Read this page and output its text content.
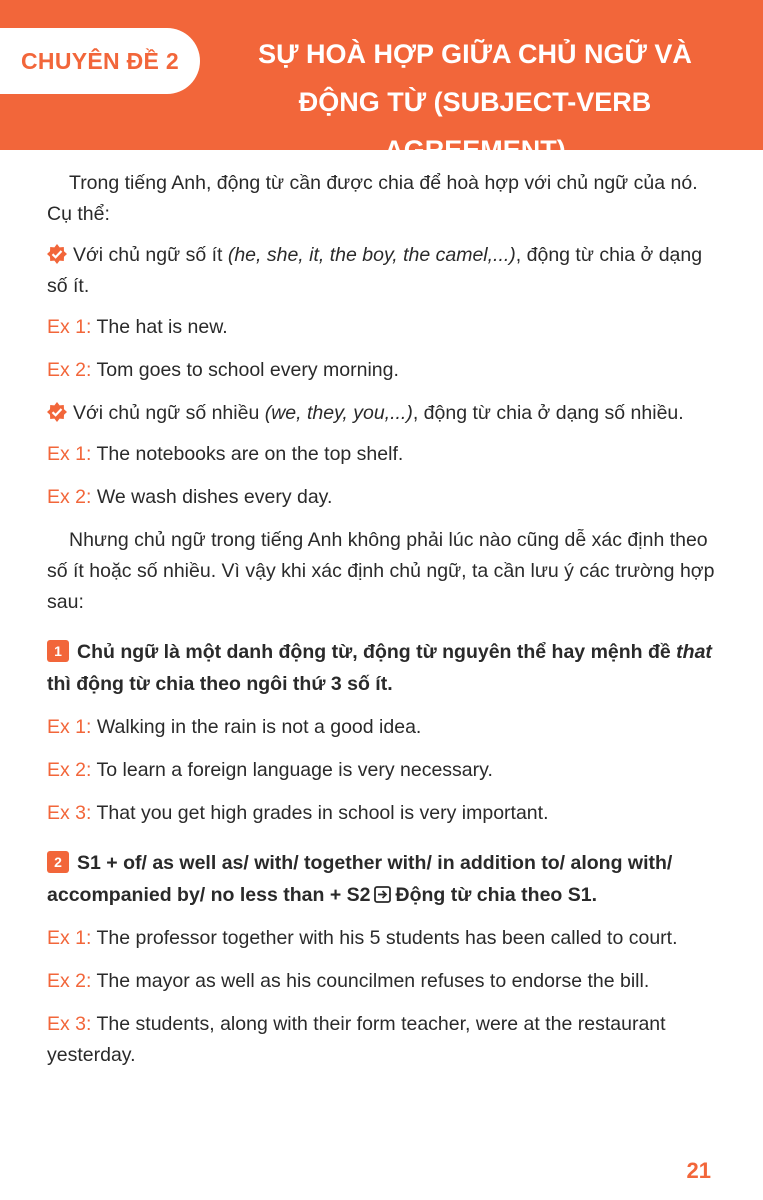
CHUYÊN ĐỀ 2	SỰ HOÀ HỢP GIỮA CHỦ NGỮ VÀ
ĐỘNG TỪ (SUBJECT-VERB AGREEMENT)

Trong tiếng Anh, động từ cần được chia để hoà hợp với chủ ngữ của nó. Cụ thể:

Với chủ ngữ số ít (he, she, it, the boy, the camel,...), động từ chia ở dạng số ít.

Ex 1: The hat is new.

Ex 2: Tom goes to school every morning.

Với chủ ngữ số nhiều (we, they, you,...), động từ chia ở dạng số nhiều.

Ex 1: The notebooks are on the top shelf.

Ex 2: We wash dishes every day.

Nhưng chủ ngữ trong tiếng Anh không phải lúc nào cũng dễ xác định theo số ít hoặc số nhiều. Vì vậy khi xác định chủ ngữ, ta cần lưu ý các trường hợp sau:

1 Chủ ngữ là một danh động từ, động từ nguyên thể hay mệnh đề that thì động từ chia theo ngôi thứ 3 số ít.

Ex 1: Walking in the rain is not a good idea.

Ex 2: To learn a foreign language is very necessary.

Ex 3: That you get high grades in school is very important.

2 S1 + of/ as well as/ with/ together with/ in addition to/ along with/ accompanied by/ no less than + S2 Động từ chia theo S1.

Ex 1: The professor together with his 5 students has been called to court.

Ex 2: The mayor as well as his councilmen refuses to endorse the bill.

Ex 3: The students, along with their form teacher, were at the restaurant yesterday.

21
